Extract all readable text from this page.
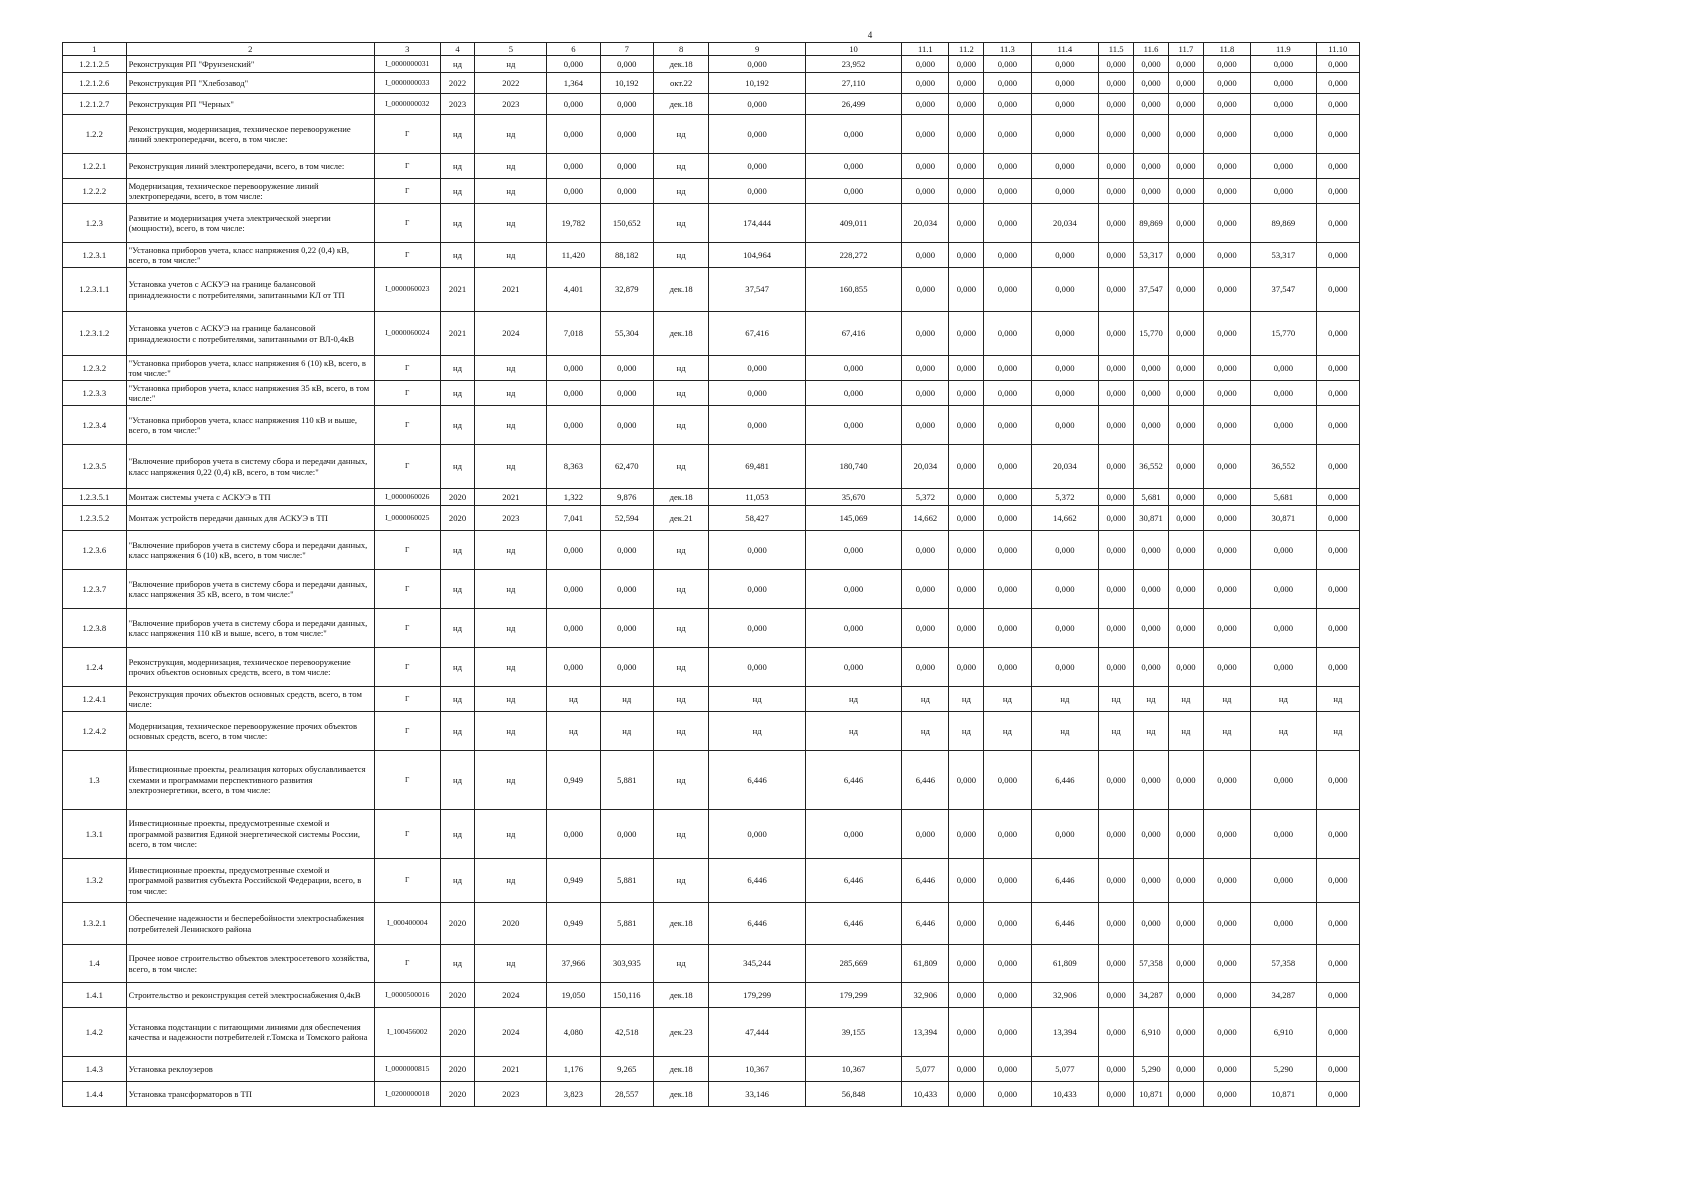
4
1	2	3	4	5	6	7	8	9	10	11.1	11.2	11.3	11.4	11.5	11.6	11.7	11.8	11.9	11.10
1.2.1.2.5	Реконструкция РП "Фрунзенский"	I_0000000031	нд	нд	0,000	0,000	дек.18	0,000	23,952	0,000	0,000	0,000	0,000	0,000	0,000	0,000	0,000	0,000	0,000
1.2.1.2.6	Реконструкция РП "Хлебозавод"	I_0000000033	2022	2022	1,364	10,192	окт.22	10,192	27,110	0,000	0,000	0,000	0,000	0,000	0,000	0,000	0,000	0,000	0,000
1.2.1.2.7	Реконструкция РП "Черных"	I_0000000032	2023	2023	0,000	0,000	дек.18	0,000	26,499	0,000	0,000	0,000	0,000	0,000	0,000	0,000	0,000	0,000	0,000
1.2.2	Реконструкция, модернизация, техническое перевооружение линий электропередачи, всего, в том числе:	Г	нд	нд	0,000	0,000	нд	0,000	0,000	0,000	0,000	0,000	0,000	0,000	0,000	0,000	0,000	0,000	0,000
1.2.2.1	Реконструкция линий электропередачи, всего, в том числе:	Г	нд	нд	0,000	0,000	нд	0,000	0,000	0,000	0,000	0,000	0,000	0,000	0,000	0,000	0,000	0,000	0,000
1.2.2.2	Модернизация, техническое перевооружение линий электропередачи, всего, в том числе:	Г	нд	нд	0,000	0,000	нд	0,000	0,000	0,000	0,000	0,000	0,000	0,000	0,000	0,000	0,000	0,000	0,000
1.2.3	Развитие и модернизация учета электрической энергии (мощности), всего, в том числе:	Г	нд	нд	19,782	150,652	нд	174,444	409,011	20,034	0,000	0,000	20,034	0,000	89,869	0,000	0,000	89,869	0,000
1.2.3.1	"Установка приборов учета, класс напряжения 0,22 (0,4) кВ, всего, в том числе:"	Г	нд	нд	11,420	88,182	нд	104,964	228,272	0,000	0,000	0,000	0,000	0,000	53,317	0,000	0,000	53,317	0,000
1.2.3.1.1	Установка учетов с АСКУЭ на границе балансовой принадлежности с потребителями, запитанными КЛ от ТП	I_0000060023	2021	2021	4,401	32,879	дек.18	37,547	160,855	0,000	0,000	0,000	0,000	0,000	37,547	0,000	0,000	37,547	0,000
1.2.3.1.2	Установка учетов с АСКУЭ на границе балансовой принадлежности с потребителями, запитанными от ВЛ-0,4кВ	I_0000060024	2021	2024	7,018	55,304	дек.18	67,416	67,416	0,000	0,000	0,000	0,000	0,000	15,770	0,000	0,000	15,770	0,000
1.2.3.2	"Установка приборов учета, класс напряжения 6 (10) кВ, всего, в том числе:"	Г	нд	нд	0,000	0,000	нд	0,000	0,000	0,000	0,000	0,000	0,000	0,000	0,000	0,000	0,000	0,000	0,000
1.2.3.3	"Установка приборов учета, класс напряжения 35 кВ, всего, в том числе:"	Г	нд	нд	0,000	0,000	нд	0,000	0,000	0,000	0,000	0,000	0,000	0,000	0,000	0,000	0,000	0,000	0,000
1.2.3.4	"Установка приборов учета, класс напряжения 110 кВ и выше, всего, в том числе:"	Г	нд	нд	0,000	0,000	нд	0,000	0,000	0,000	0,000	0,000	0,000	0,000	0,000	0,000	0,000	0,000	0,000
1.2.3.5	"Включение приборов учета в систему сбора и передачи данных, класс напряжения 0,22 (0,4) кВ, всего, в том числе:"	Г	нд	нд	8,363	62,470	нд	69,481	180,740	20,034	0,000	0,000	20,034	0,000	36,552	0,000	0,000	36,552	0,000
1.2.3.5.1	Монтаж системы учета с АСКУЭ в ТП	I_0000060026	2020	2021	1,322	9,876	дек.18	11,053	35,670	5,372	0,000	0,000	5,372	0,000	5,681	0,000	0,000	5,681	0,000
1.2.3.5.2	Монтаж устройств передачи данных для АСКУЭ в ТП	I_0000060025	2020	2023	7,041	52,594	дек.21	58,427	145,069	14,662	0,000	0,000	14,662	0,000	30,871	0,000	0,000	30,871	0,000
1.2.3.6	"Включение приборов учета в систему сбора и передачи данных, класс напряжения 6 (10) кВ, всего, в том числе:"	Г	нд	нд	0,000	0,000	нд	0,000	0,000	0,000	0,000	0,000	0,000	0,000	0,000	0,000	0,000	0,000	0,000
1.2.3.7	"Включение приборов учета в систему сбора и передачи данных, класс напряжения 35 кВ, всего, в том числе:"	Г	нд	нд	0,000	0,000	нд	0,000	0,000	0,000	0,000	0,000	0,000	0,000	0,000	0,000	0,000	0,000	0,000
1.2.3.8	"Включение приборов учета в систему сбора и передачи данных, класс напряжения 110 кВ и выше, всего, в том числе:"	Г	нд	нд	0,000	0,000	нд	0,000	0,000	0,000	0,000	0,000	0,000	0,000	0,000	0,000	0,000	0,000	0,000
1.2.4	Реконструкция, модернизация, техническое перевооружение прочих объектов основных средств, всего, в том числе:	Г	нд	нд	0,000	0,000	нд	0,000	0,000	0,000	0,000	0,000	0,000	0,000	0,000	0,000	0,000	0,000	0,000
1.2.4.1	Реконструкция прочих объектов основных средств, всего, в том числе:	Г	нд	нд	нд	нд	нд	нд	нд	нд	нд	нд	нд	нд	нд	нд	нд	нд	нд
1.2.4.2	Модернизация, техническое перевооружение прочих объектов основных средств, всего, в том числе:	Г	нд	нд	нд	нд	нд	нд	нд	нд	нд	нд	нд	нд	нд	нд	нд	нд	нд
1.3	Инвестиционные проекты, реализация которых обуславливается схемами и программами перспективного развития электроэнергетики, всего, в том числе:	Г	нд	нд	0,949	5,881	нд	6,446	6,446	6,446	0,000	0,000	6,446	0,000	0,000	0,000	0,000	0,000	0,000
1.3.1	Инвестиционные проекты, предусмотренные схемой и программой развития Единой энергетической системы России, всего, в том числе:	Г	нд	нд	0,000	0,000	нд	0,000	0,000	0,000	0,000	0,000	0,000	0,000	0,000	0,000	0,000	0,000	0,000
1.3.2	Инвестиционные проекты, предусмотренные схемой и программой развития субъекта Российской Федерации, всего, в том числе:	Г	нд	нд	0,949	5,881	нд	6,446	6,446	6,446	0,000	0,000	6,446	0,000	0,000	0,000	0,000	0,000	0,000
1.3.2.1	Обеспечение надежности и бесперебойности электроснабжения потребителей Ленинского района	I_000400004	2020	2020	0,949	5,881	дек.18	6,446	6,446	6,446	0,000	0,000	6,446	0,000	0,000	0,000	0,000	0,000	0,000
1.4	Прочее новое строительство объектов электросетевого хозяйства, всего, в том числе:	Г	нд	нд	37,966	303,935	нд	345,244	285,669	61,809	0,000	0,000	61,809	0,000	57,358	0,000	0,000	57,358	0,000
1.4.1	Строительство и реконструкция сетей электроснабжения 0,4кВ	I_0000500016	2020	2024	19,050	150,116	дек.18	179,299	179,299	32,906	0,000	0,000	32,906	0,000	34,287	0,000	0,000	34,287	0,000
1.4.2	Установка подстанции с питающими линиями для обеспечения качества и надежности потребителей г.Томска и Томского района	I_100456002	2020	2024	4,080	42,518	дек.23	47,444	39,155	13,394	0,000	0,000	13,394	0,000	6,910	0,000	0,000	6,910	0,000
1.4.3	Установка реклоузеров	I_0000000815	2020	2021	1,176	9,265	дек.18	10,367	10,367	5,077	0,000	0,000	5,077	0,000	5,290	0,000	0,000	5,290	0,000
1.4.4	Установка трансформаторов в ТП	I_0200000018	2020	2023	3,823	28,557	дек.18	33,146	56,848	10,433	0,000	0,000	10,433	0,000	10,871	0,000	0,000	10,871	0,000
